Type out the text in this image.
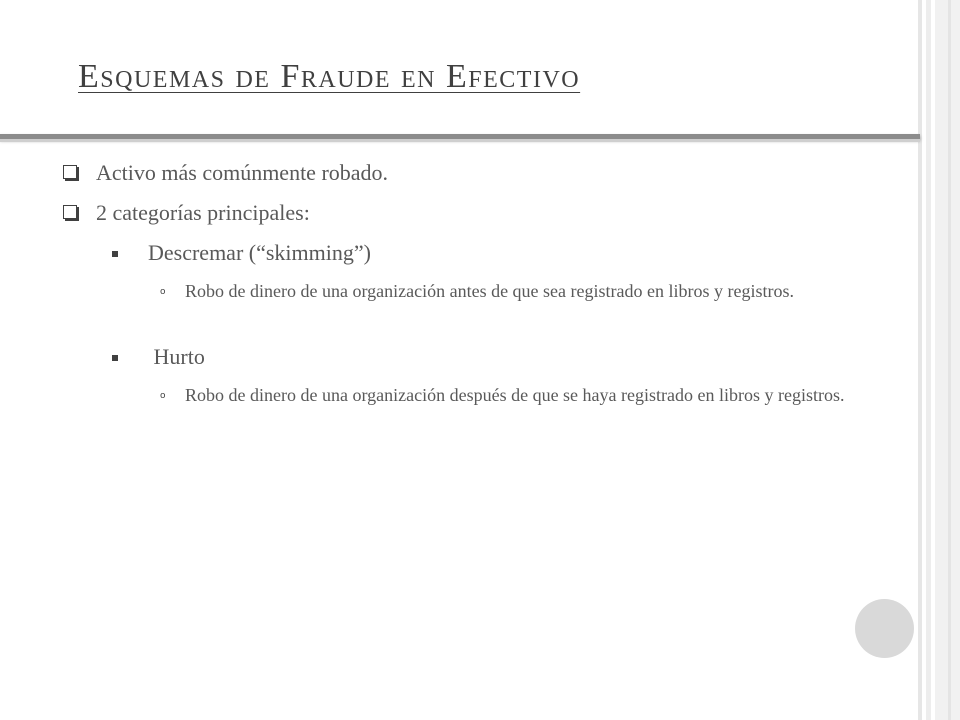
Esquemas de Fraude en Efectivo
Activo más comúnmente robado.
2 categorías principales:
Descremar (“skimming”)
o Robo de dinero de una organización antes de que sea registrado en libros y registros.
Hurto
o Robo de dinero de una organización después de que se haya registrado en libros y registros.
